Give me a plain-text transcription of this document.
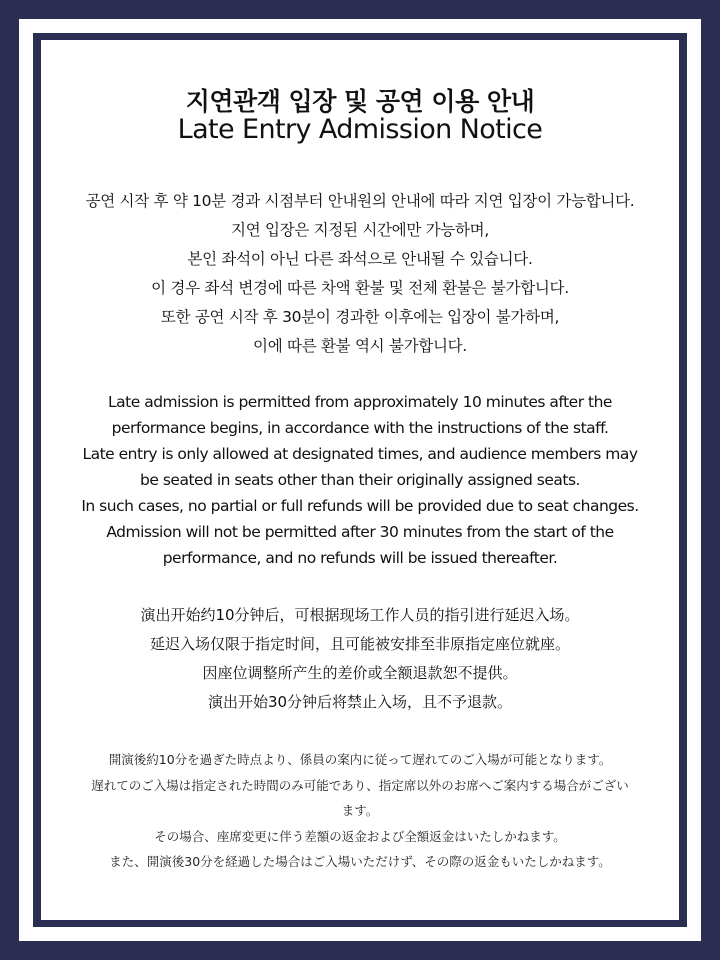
지연관객 입장 및 공연 이용 안내
Late Entry Admission Notice
공연 시작 후 약 10분 경과 시점부터 안내원의 안내에 따라 지연 입장이 가능합니다.
지연 입장은 지정된 시간에만 가능하며,
본인 좌석이 아닌 다른 좌석으로 안내될 수 있습니다.
이 경우 좌석 변경에 따른 차액 환불 및 전체 환불은 불가합니다.
또한 공연 시작 후 30분이 경과한 이후에는 입장이 불가하며,
이에 따른 환불 역시 불가합니다.
Late admission is permitted from approximately 10 minutes after the
performance begins, in accordance with the instructions of the staff.
Late entry is only allowed at designated times, and audience members may
be seated in seats other than their originally assigned seats.
In such cases, no partial or full refunds will be provided due to seat changes.
Admission will not be permitted after 30 minutes from the start of the
performance, and no refunds will be issued thereafter.
演出开始约10分钟后，可根据现场工作人员的指引进行延迟入场。
延迟入场仅限于指定时间，且可能被安排至非原指定座位就座。
因座位调整所产生的差价或全额退款恕不提供。
演出开始30分钟后将禁止入场，且不予退款。
開演後約10分を過ぎた時点より、係員の案内に従って遅れてのご入場が可能となります。
遅れてのご入場は指定された時間のみ可能であり、指定席以外のお席へご案内する場合がござい
ます。
その場合、座席変更に伴う差額の返金および全額返金はいたしかねます。
また、開演後30分を経過した場合はご入場いただけず、その際の返金もいたしかねます。
